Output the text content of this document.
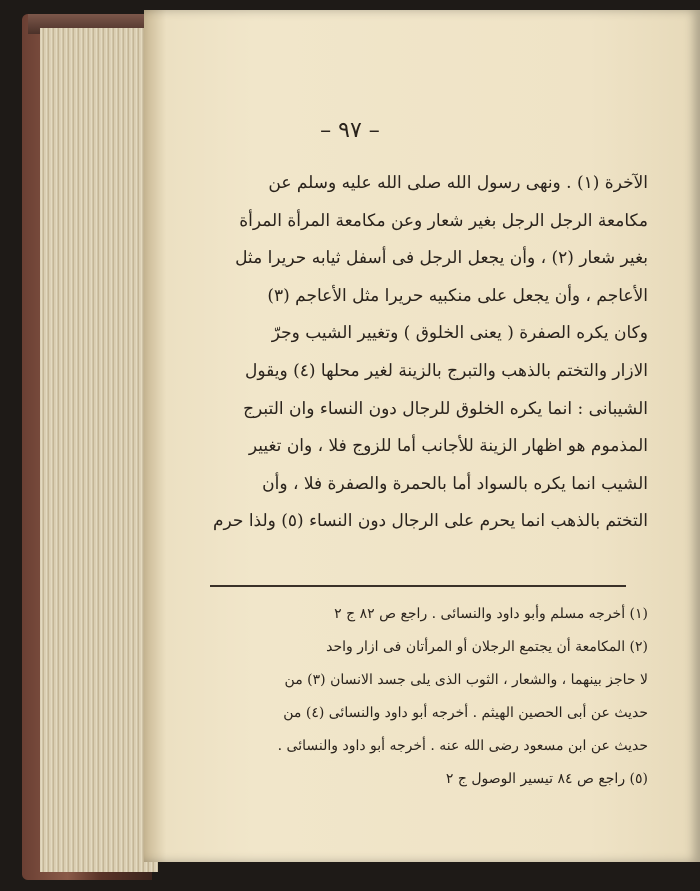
– ٩٧ –
الآخرة (١) . ونهى رسول الله صلى الله عليه وسلم عن
مكامعة الرجل الرجل بغير شعار وعن مكامعة المرأة المرأة
بغير شعار (٢) ، وأن يجعل الرجل فى أسفل ثيابه حريرا مثل
الأعاجم ، وأن يجعل على منكبيه حريرا مثل الأعاجم (٣)
وكان يكره الصفرة ( يعنى الخلوق ) وتغيير الشيب وجرّ
الازار والتختم بالذهب والتبرج بالزينة لغير محلها (٤) ويقول
الشيبانى : انما يكره الخلوق للرجال دون النساء وان التبرج
المذموم هو اظهار الزينة للأجانب أما للزوج فلا ، وان تغيير
الشيب انما يكره بالسواد أما بالحمرة والصفرة فلا ، وأن
التختم بالذهب انما يحرم على الرجال دون النساء (٥) ولذا حرم
(١) أخرجه مسلم وأبو داود والنسائى . راجع ص ٨٢ ج ٢
(٢) المكامعة أن يجتمع الرجلان أو المرأتان فى ازار واحد
لا حاجز بينهما ، والشعار ، الثوب الذى يلى جسد الانسان (٣) من
حديث عن أبى الحصين الهيثم . أخرجه أبو داود والنسائى (٤) من
حديث عن ابن مسعود رضى الله عنه . أخرجه أبو داود والنسائى .
(٥) راجع ص ٨٤ تيسير الوصول ج ٢
